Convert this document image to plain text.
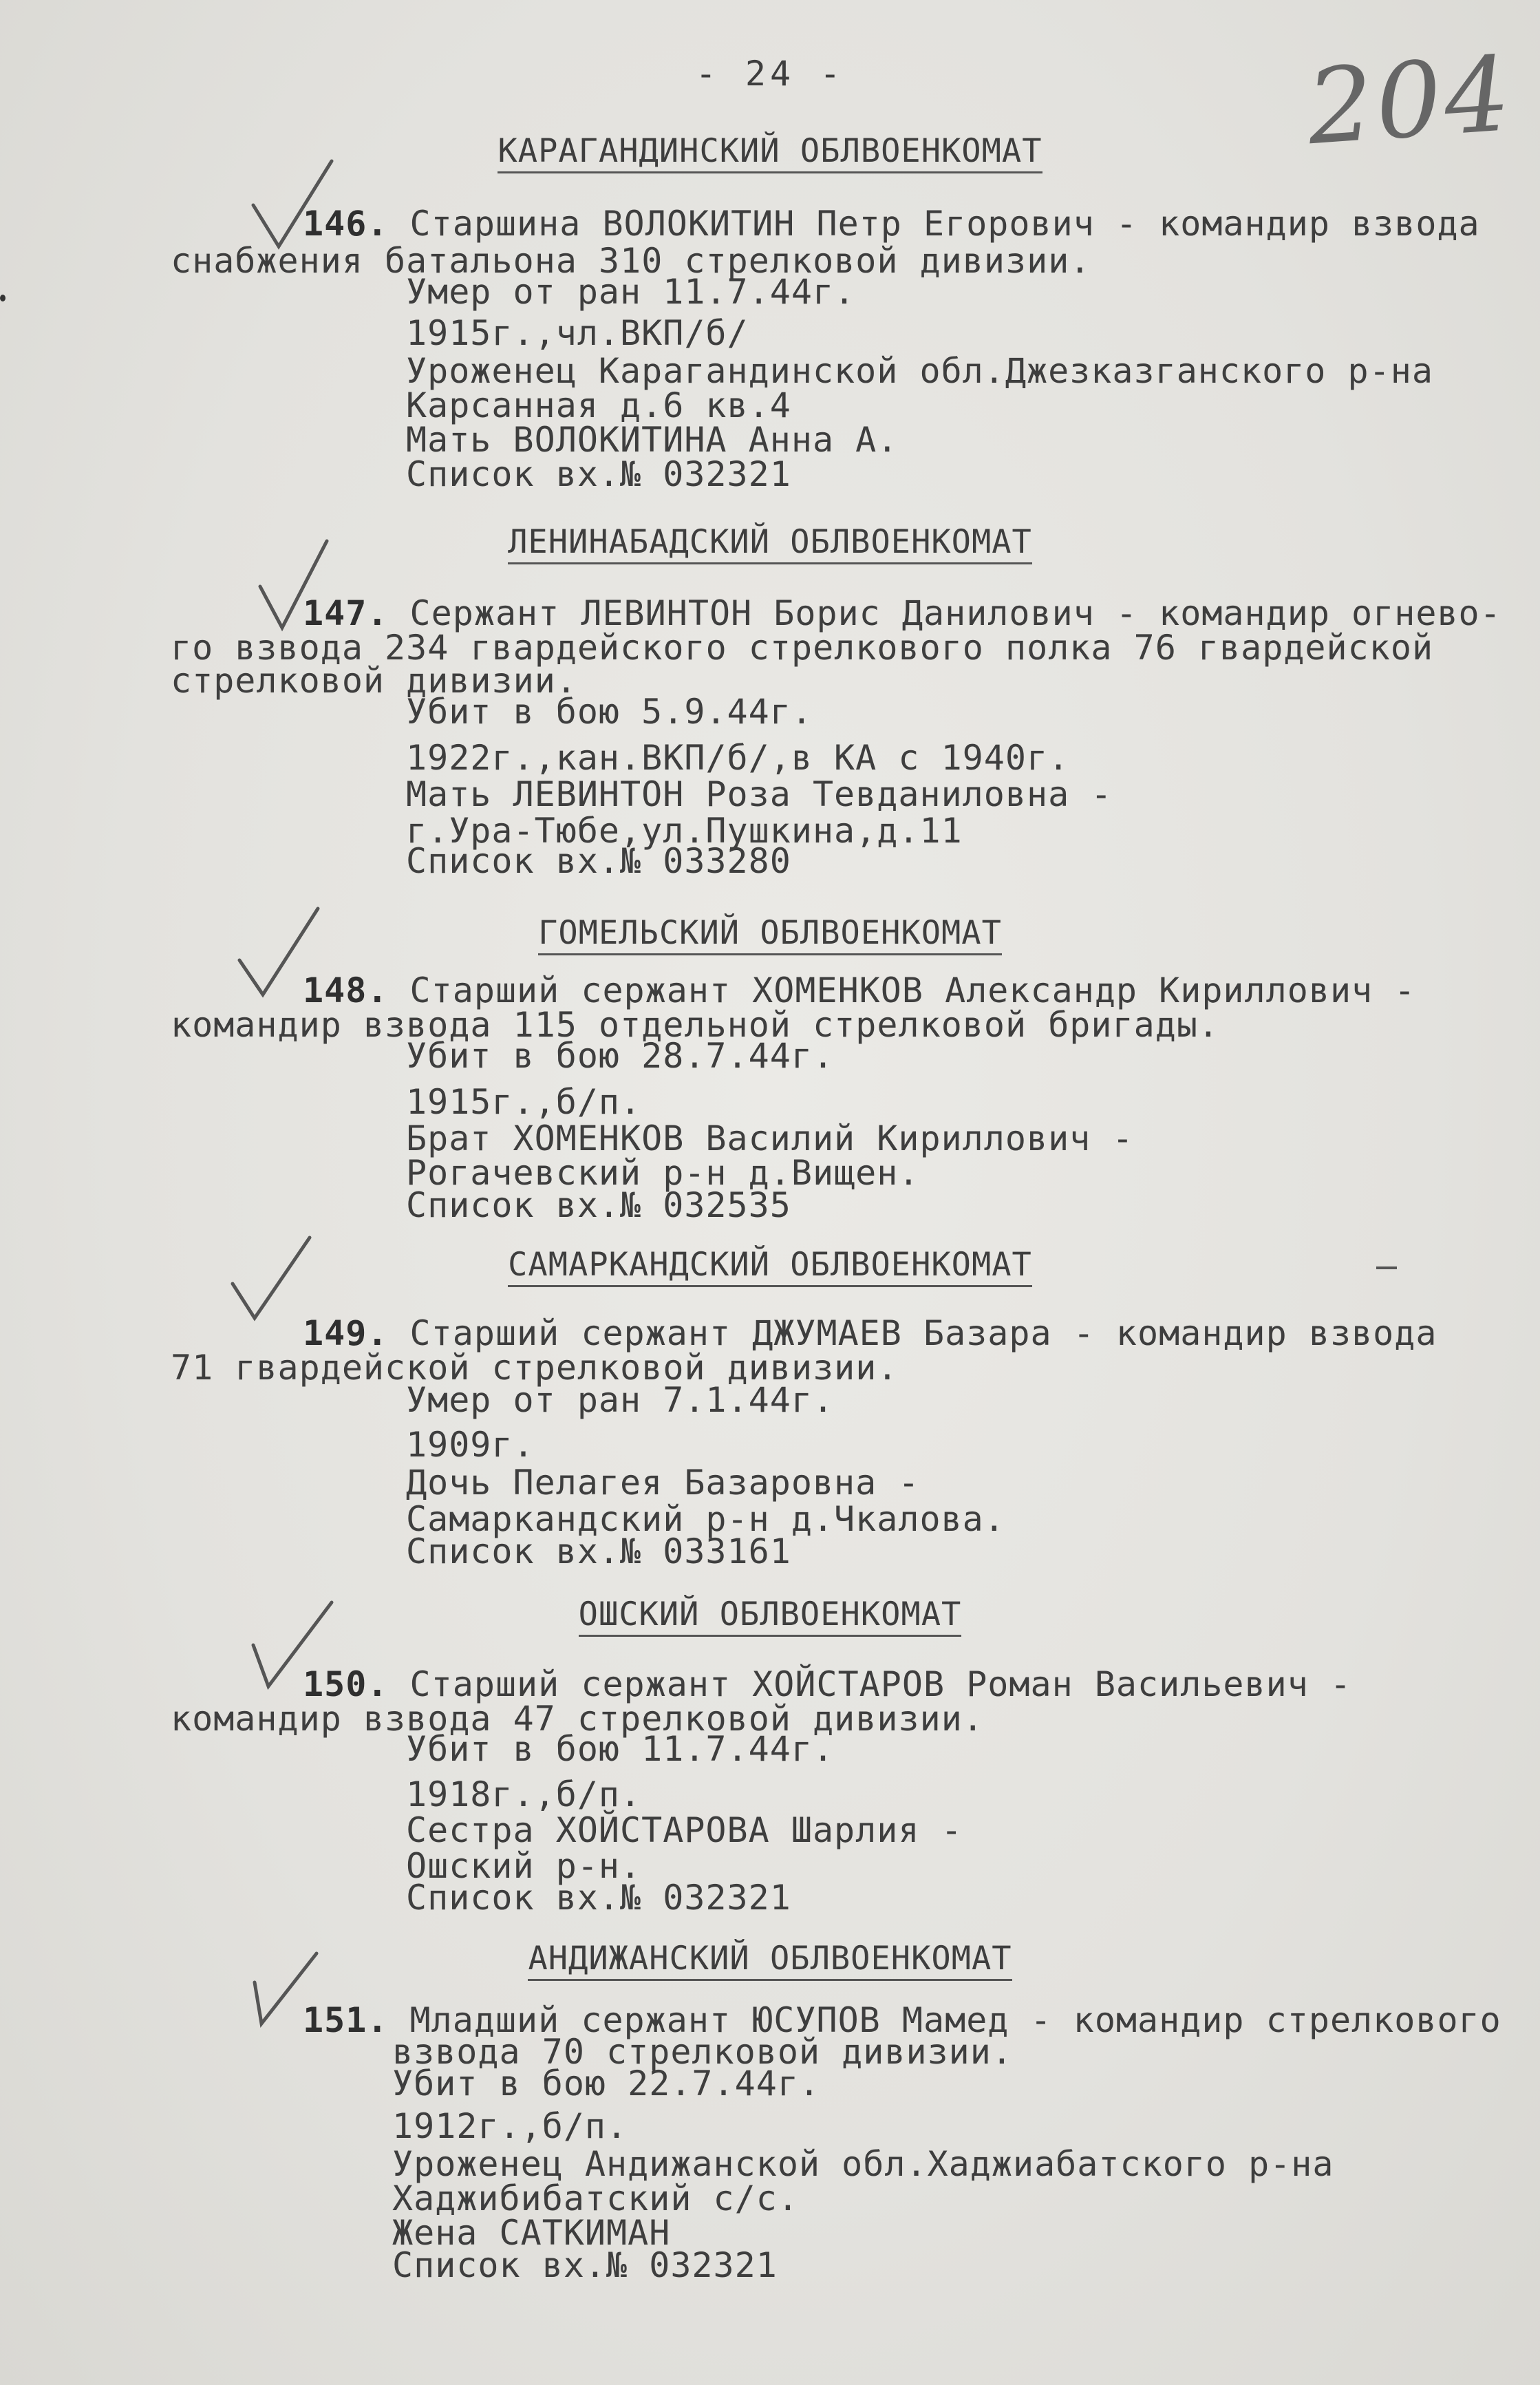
- 24 -	204
КАРАГАНДИНСКИЙ ОБЛВОЕНКОМАТ
146. Старшина ВОЛОКИТИН Петр Егорович - командир взвода
снабжения батальона 310 стрелковой дивизии.
Умер от ран 11.7.44г.
1915г.,чл.ВКП/б/
Уроженец Карагандинской обл.Джезказганского р-на
Карсанная д.6 кв.4
Мать ВОЛОКИТИНА Анна А.
Список вх.№ 032321
ЛЕНИНАБАДСКИЙ ОБЛВОЕНКОМАТ
147. Сержант ЛЕВИНТОН Борис Данилович - командир огнево-
го взвода 234 гвардейского стрелкового полка 76 гвардейской
стрелковой дивизии.
Убит в бою 5.9.44г.
1922г.,кан.ВКП/б/,в КА с 1940г.
Мать ЛЕВИНТОН Роза Тевданиловна -
г.Ура-Тюбе,ул.Пушкина,д.11
Список вх.№ 033280
ГОМЕЛЬСКИЙ ОБЛВОЕНКОМАТ
148. Старший сержант ХОМЕНКОВ Александр Кириллович -
командир взвода 115 отдельной стрелковой бригады.
Убит в бою 28.7.44г.
1915г.,б/п.
Брат ХОМЕНКОВ Василий Кириллович -
Рогачевский р-н д.Вищен.
Список вх.№ 032535
САМАРКАНДСКИЙ ОБЛВОЕНКОМАТ
149. Старший сержант ДЖУМАЕВ Базара - командир взвода
71 гвардейской стрелковой дивизии.
Умер от ран 7.1.44г.
1909г.
Дочь Пелагея Базаровна -
Самаркандский р-н д.Чкалова.
Список вх.№ 033161
ОШСКИЙ ОБЛВОЕНКОМАТ
150. Старший сержант ХОЙСТАРОВ Роман Васильевич -
командир взвода 47 стрелковой дивизии.
Убит в бою 11.7.44г.
1918г.,б/п.
Сестра ХОЙСТАРОВА Шарлия -
Ошский р-н.
Список вх.№ 032321
АНДИЖАНСКИЙ ОБЛВОЕНКОМАТ
151. Младший сержант ЮСУПОВ Мамед - командир стрелкового
взвода 70 стрелковой дивизии.
Убит в бою 22.7.44г.
1912г.,б/п.
Уроженец Андижанской обл.Хаджиабатского р-на
Хаджибибатский с/с.
Жена САТКИМАН
Список вх.№ 032321
